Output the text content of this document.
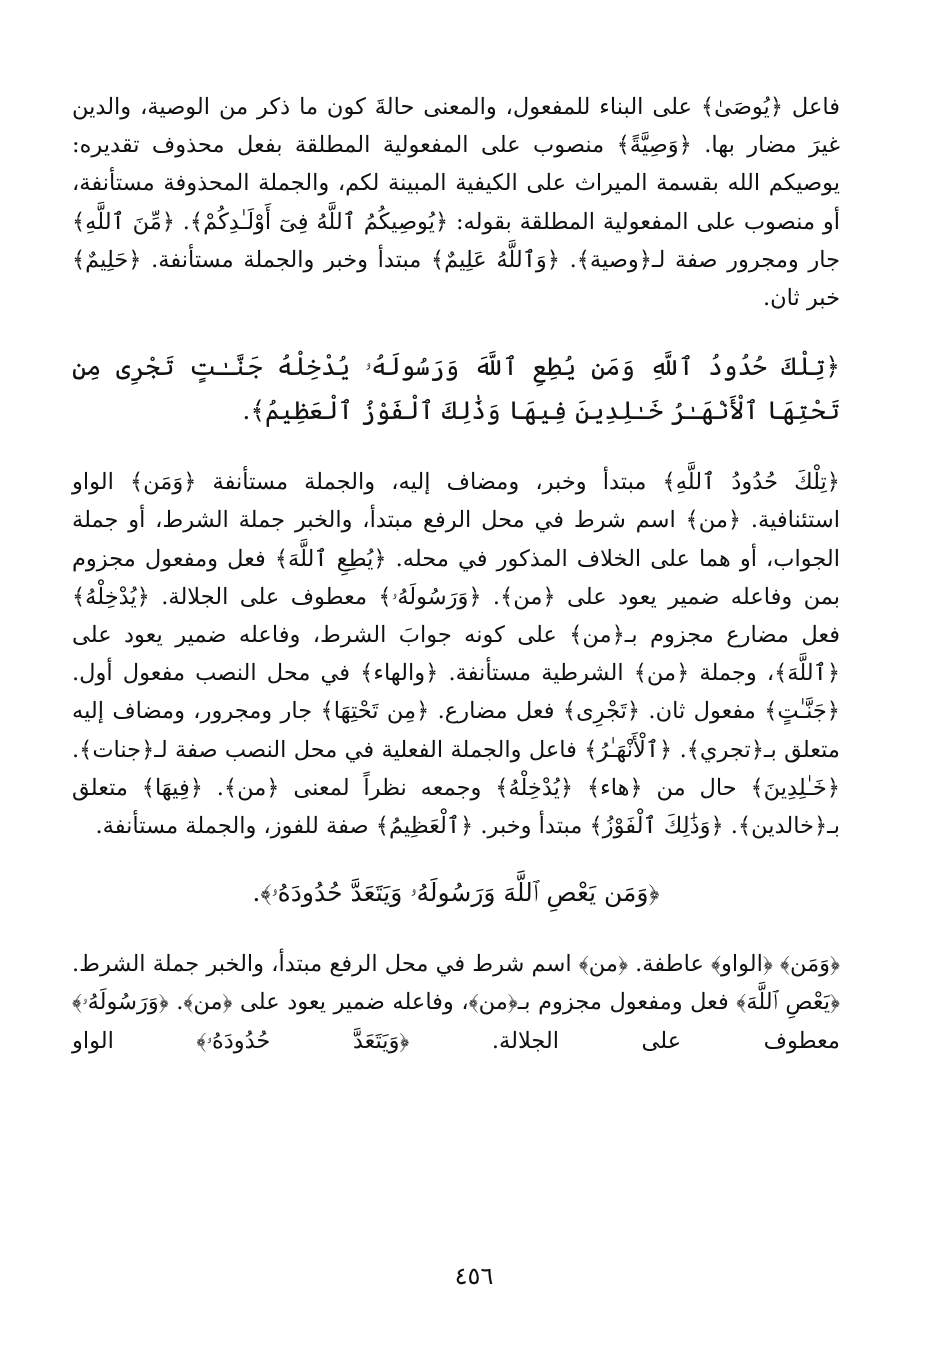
فاعل ﴿يُوصَىٰ﴾ على البناء للمفعول، والمعنى حالةَ كون ما ذكر من الوصية، والدين غيرَ مضار بها. ﴿وَصِيَّةً﴾ منصوب على المفعولية المطلقة بفعل محذوف تقديره: يوصيكم الله بقسمة الميراث على الكيفية المبينة لكم، والجملة المحذوفة مستأنفة، أو منصوب على المفعولية المطلقة بقوله: ﴿يُوصِيكُمُ ٱللَّهُ فِىٓ أَوْلَـٰدِكُمْ﴾. ﴿مِّنَ ٱللَّهِ﴾ جار ومجرور صفة لـ﴿وصية﴾. ﴿وَٱللَّهُ عَلِيمٌ﴾ مبتدأ وخبر والجملة مستأنفة. ﴿حَلِيمٌ﴾ خبر ثان.

﴿تِلْكَ حُدُودُ ٱللَّهِ وَمَن يُطِعِ ٱللَّهَ وَرَسُولَهُۥ يُدْخِلْهُ جَنَّـٰتٍ تَجْرِى مِن تَحْتِهَا ٱلْأَنْهَـٰرُ خَـٰلِدِينَ فِيهَا وَذَٰلِكَ ٱلْفَوْزُ ٱلْعَظِيمُ﴾.

﴿تِلْكَ حُدُودُ ٱللَّهِ﴾ مبتدأ وخبر، ومضاف إليه، والجملة مستأنفة ﴿وَمَن﴾ الواو استئنافية. ﴿من﴾ اسم شرط في محل الرفع مبتدأ، والخبر جملة الشرط، أو جملة الجواب، أو هما على الخلاف المذكور في محله. ﴿يُطِعِ ٱللَّهَ﴾ فعل ومفعول مجزوم بمن وفاعله ضمير يعود على ﴿من﴾. ﴿وَرَسُولَهُۥ﴾ معطوف على الجلالة. ﴿يُدْخِلْهُ﴾ فعل مضارع مجزوم بـ﴿من﴾ على كونه جوابَ الشرط، وفاعله ضمير يعود على ﴿ٱللَّهَ﴾، وجملة ﴿من﴾ الشرطية مستأنفة. ﴿والهاء﴾ في محل النصب مفعول أول. ﴿جَنَّـٰتٍ﴾ مفعول ثان. ﴿تَجْرِى﴾ فعل مضارع. ﴿مِن تَحْتِهَا﴾ جار ومجرور، ومضاف إليه متعلق بـ﴿تجري﴾. ﴿ٱلْأَنْهَـٰرُ﴾ فاعل والجملة الفعلية في محل النصب صفة لـ﴿جنات﴾. ﴿خَـٰلِدِينَ﴾ حال من ﴿هاء﴾ ﴿يُدْخِلْهُ﴾ وجمعه نظراً لمعنى ﴿من﴾. ﴿فِيهَا﴾ متعلق بـ﴿خالدين﴾. ﴿وَذَٰلِكَ ٱلْفَوْزُ﴾ مبتدأ وخبر. ﴿ٱلْعَظِيمُ﴾ صفة للفوز، والجملة مستأنفة.

﴿وَمَن يَعْصِ ٱللَّهَ وَرَسُولَهُۥ وَيَتَعَدَّ حُدُودَهُۥ﴾.

﴿وَمَن﴾ ﴿الواو﴾ عاطفة. ﴿من﴾ اسم شرط في محل الرفع مبتدأ، والخبر جملة الشرط. ﴿يَعْصِ ٱللَّهَ﴾ فعل ومفعول مجزوم بـ﴿من﴾، وفاعله ضمير يعود على ﴿من﴾. ﴿وَرَسُولَهُۥ﴾ معطوف على الجلالة. ﴿وَيَتَعَدَّ حُدُودَهُۥ﴾ الواو

٤٥٦
